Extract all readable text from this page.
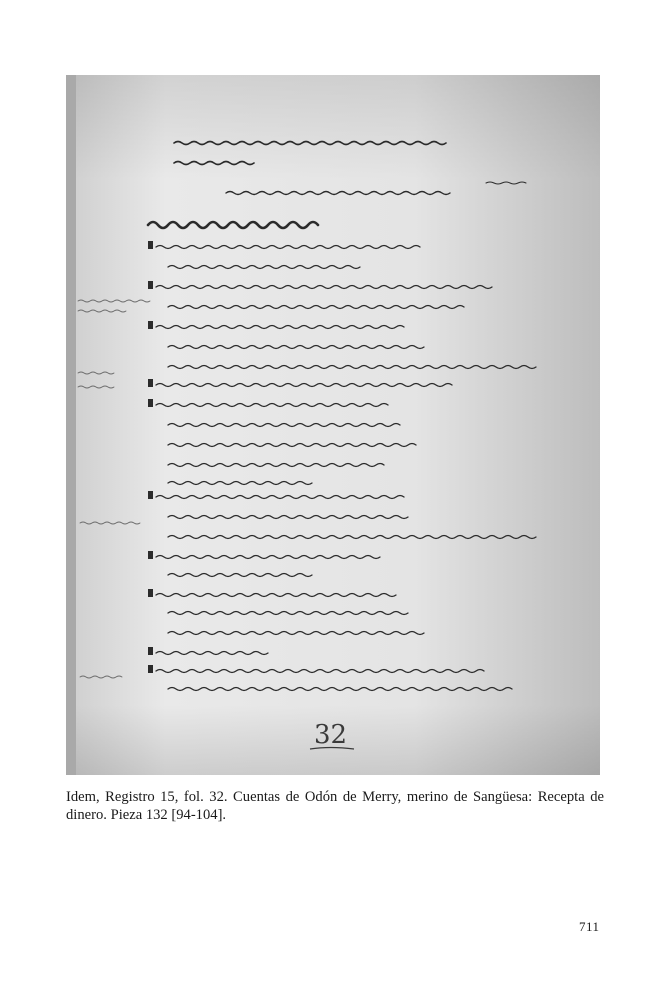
32

Idem, Registro 15, fol. 32. Cuentas de Odón de Merry, merino de Sangüesa: Recepta de dinero. Pieza 132 [94-104].

711
